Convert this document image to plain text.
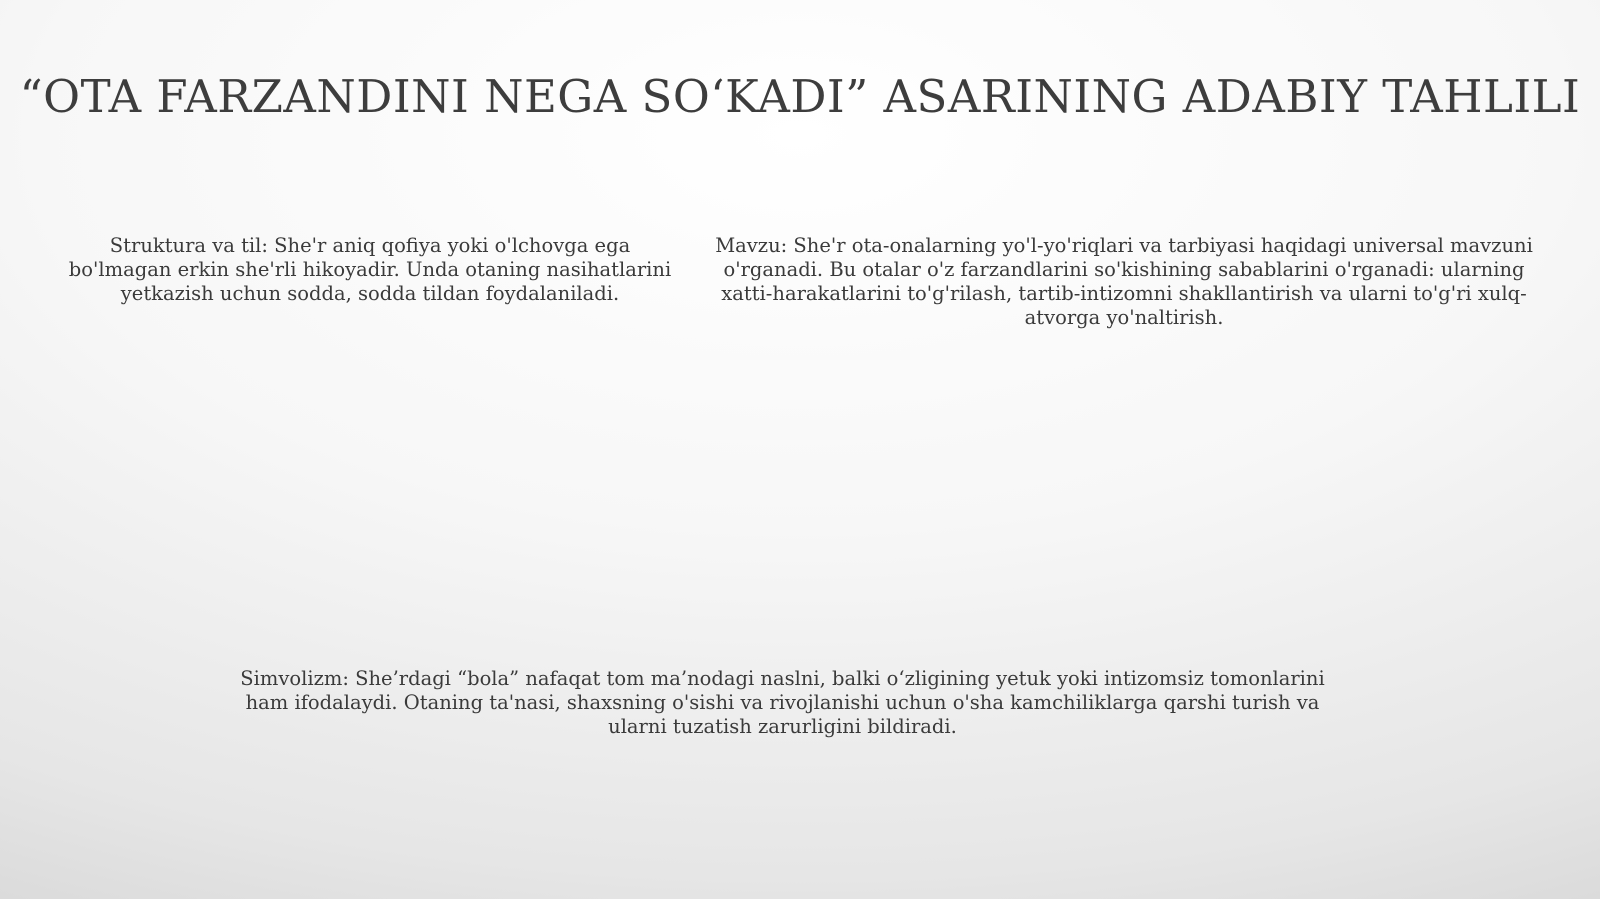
“OTA FARZANDINI NEGA SO‘KADI” ASARINING ADABIY TAHLILI

Struktura va til: She'r aniq qofiya yoki o'lchovga ega bo'lmagan erkin she'rli hikoyadir. Unda otaning nasihatlarini yetkazish uchun sodda, sodda tildan foydalaniladi.

Mavzu: She'r ota-onalarning yo'l-yo'riqlari va tarbiyasi haqidagi universal mavzuni o'rganadi. Bu otalar o'z farzandlarini so'kishining sabablarini o'rganadi: ularning xatti-harakatlarini to'g'rilash, tartib-intizomni shakllantirish va ularni to'g'ri xulq-atvorga yo'naltirish.

Simvolizm: She’rdagi “bola” nafaqat tom ma’nodagi naslni, balki o‘zligining yetuk yoki intizomsiz tomonlarini ham ifodalaydi. Otaning ta'nasi, shaxsning o'sishi va rivojlanishi uchun o'sha kamchiliklarga qarshi turish va ularni tuzatish zarurligini bildiradi.
